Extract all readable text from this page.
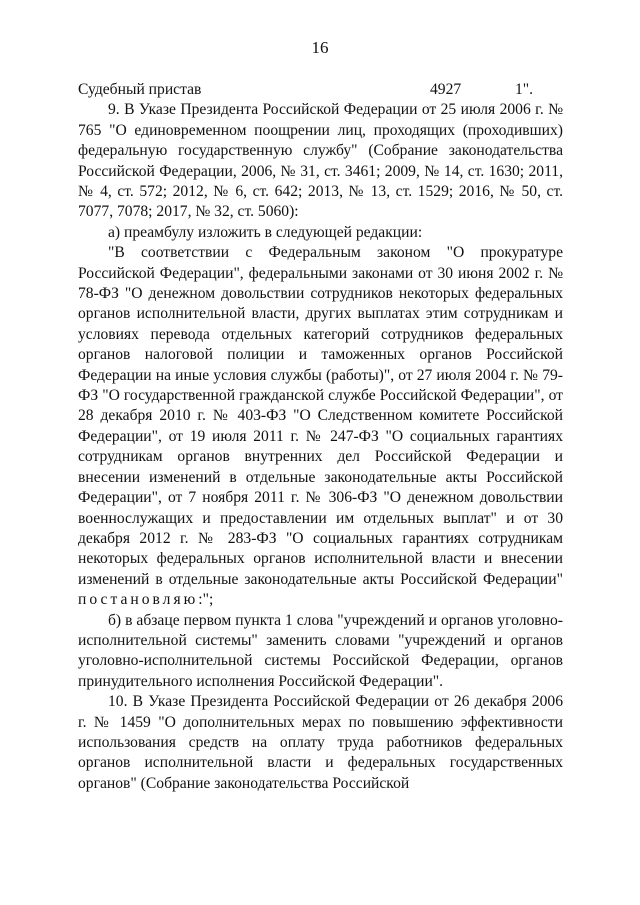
16
Судебный пристав	4927	1".

9. В Указе Президента Российской Федерации от 25 июля 2006 г. № 765 "О единовременном поощрении лиц, проходящих (проходивших) федеральную государственную службу" (Собрание законодательства Российской Федерации, 2006, № 31, ст. 3461; 2009, № 14, ст. 1630; 2011, № 4, ст. 572; 2012, № 6, ст. 642; 2013, № 13, ст. 1529; 2016, № 50, ст. 7077, 7078; 2017, № 32, ст. 5060):

а) преамбулу изложить в следующей редакции:

"В соответствии с Федеральным законом "О прокуратуре Российской Федерации", федеральными законами от 30 июня 2002 г. № 78-ФЗ "О денежном довольствии сотрудников некоторых федеральных органов исполнительной власти, других выплатах этим сотрудникам и условиях перевода отдельных категорий сотрудников федеральных органов налоговой полиции и таможенных органов Российской Федерации на иные условия службы (работы)", от 27 июля 2004 г. № 79-ФЗ "О государственной гражданской службе Российской Федерации", от 28 декабря 2010 г. № 403-ФЗ "О Следственном комитете Российской Федерации", от 19 июля 2011 г. № 247-ФЗ "О социальных гарантиях сотрудникам органов внутренних дел Российской Федерации и внесении изменений в отдельные законодательные акты Российской Федерации", от 7 ноября 2011 г. № 306-ФЗ "О денежном довольствии военнослужащих и предоставлении им отдельных выплат" и от 30 декабря 2012 г. № 283-ФЗ "О социальных гарантиях сотрудникам некоторых федеральных органов исполнительной власти и внесении изменений в отдельные законодательные акты Российской Федерации" постановляю:";

б) в абзаце первом пункта 1 слова "учреждений и органов уголовно-исполнительной системы" заменить словами "учреждений и органов уголовно-исполнительной системы Российской Федерации, органов принудительного исполнения Российской Федерации".

10. В Указе Президента Российской Федерации от 26 декабря 2006 г. № 1459 "О дополнительных мерах по повышению эффективности использования средств на оплату труда работников федеральных органов исполнительной власти и федеральных государственных органов" (Собрание законодательства Российской
